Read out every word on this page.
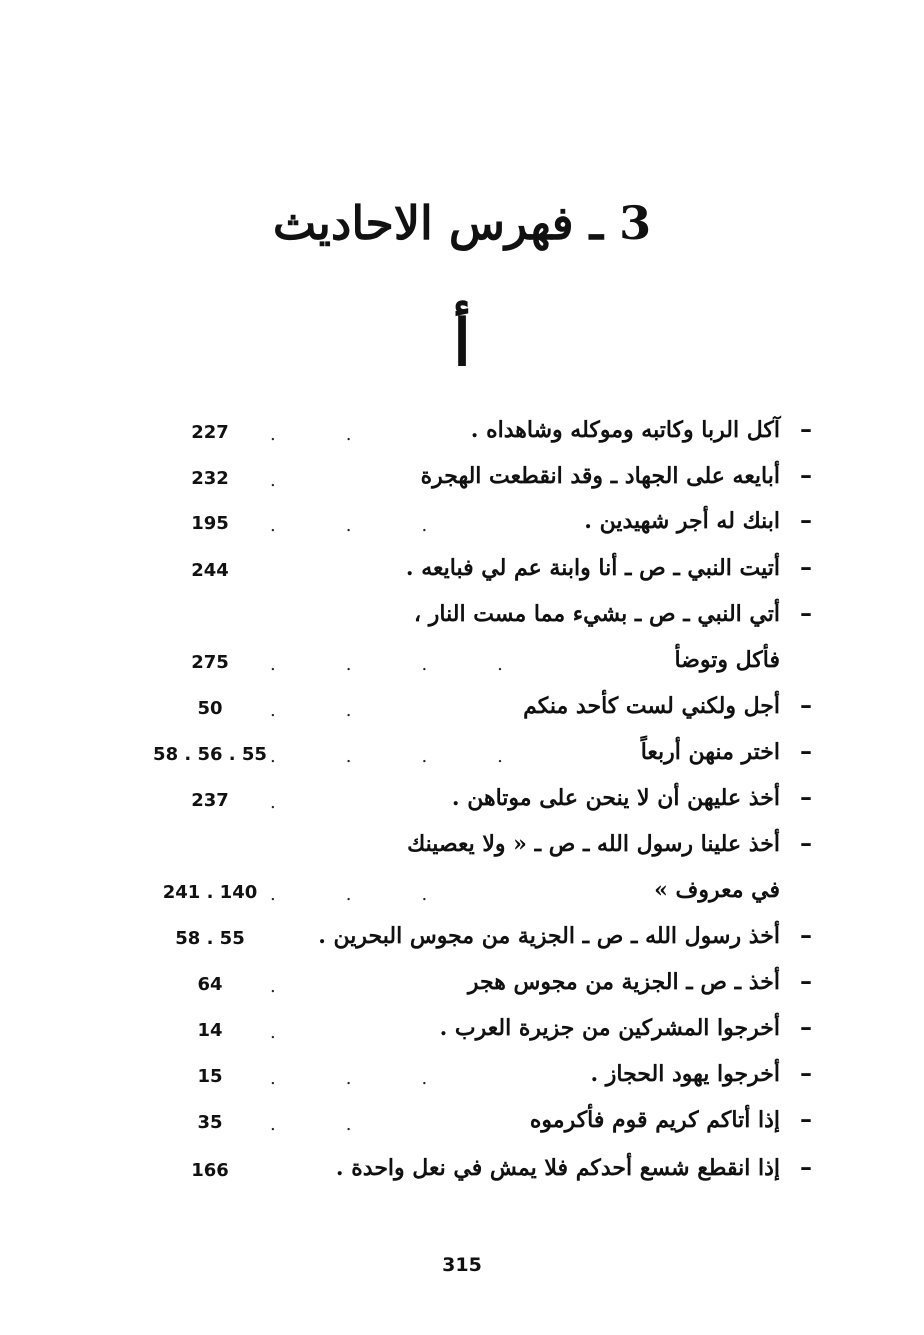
3 ـ فهرس الاحاديث
أ
–
آكل الربا وكاتبه وموكله وشاهداه .
..
227
–
أبايعه على الجهاد ـ وقد انقطعت الهجرة
.
232
–
ابنك له أجر شهيدين .
...
195
–
أتيت النبي ـ ص ـ أنا وابنة عم لي فبايعه .
244
–
أتي النبي ـ ص ـ بشيء مما مست النار ،
فأكل وتوضأ
....
275
–
أجل ولكني لست كأحد منكم
..
50
–
اختر منهن أربعاً
....
58 . 56 . 55
–
أخذ عليهن أن لا ينحن على موتاهن .
.
237
–
أخذ علينا رسول الله ـ ص ـ « ولا يعصينك
في معروف »
...
241 . 140
–
أخذ رسول الله ـ ص ـ الجزية من مجوس البحرين .
58 . 55
–
أخذ ـ ص ـ الجزية من مجوس هجر
.
64
–
أخرجوا المشركين من جزيرة العرب .
.
14
–
أخرجوا يهود الحجاز .
...
15
–
إذا أتاكم كريم قوم فأكرموه
..
35
–
إذا انقطع شسع أحدكم فلا يمش في نعل واحدة .
166
315
